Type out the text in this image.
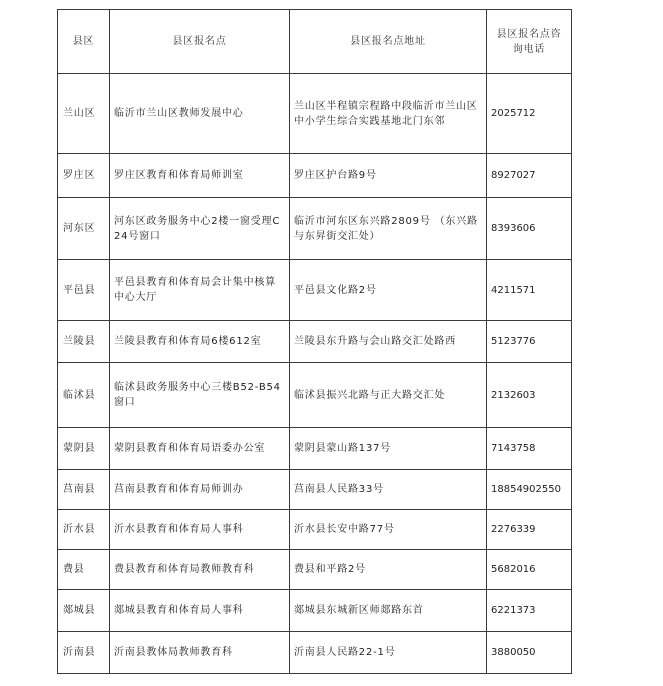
县区	县区报名点	县区报名点地址	县区报名点咨询电话
兰山区	临沂市兰山区教师发展中心	兰山区半程镇宗程路中段临沂市兰山区中小学生综合实践基地北门东邻	2025712
罗庄区	罗庄区教育和体育局师训室	罗庄区护台路9号	8927027
河东区	河东区政务服务中心2楼一窗受理C24号窗口	临沂市河东区东兴路2809号 （东兴路与东昇街交汇处）	8393606
平邑县	平邑县教育和体育局会计集中核算中心大厅	平邑县文化路2号	4211571
兰陵县	兰陵县教育和体育局6楼612室	兰陵县东升路与会山路交汇处路西	5123776
临沭县	临沭县政务服务中心三楼B52-B54窗口	临沭县振兴北路与正大路交汇处	2132603
蒙阴县	蒙阴县教育和体育局语委办公室	蒙阴县蒙山路137号	7143758
莒南县	莒南县教育和体育局师训办	莒南县人民路33号	18854902550
沂水县	沂水县教育和体育局人事科	沂水县长安中路77号	2276339
费县	费县教育和体育局教师教育科	费县和平路2号	5682016
郯城县	郯城县教育和体育局人事科	郯城县东城新区师郯路东首	6221373
沂南县	沂南县教体局教师教育科	沂南县人民路22-1号	3880050
